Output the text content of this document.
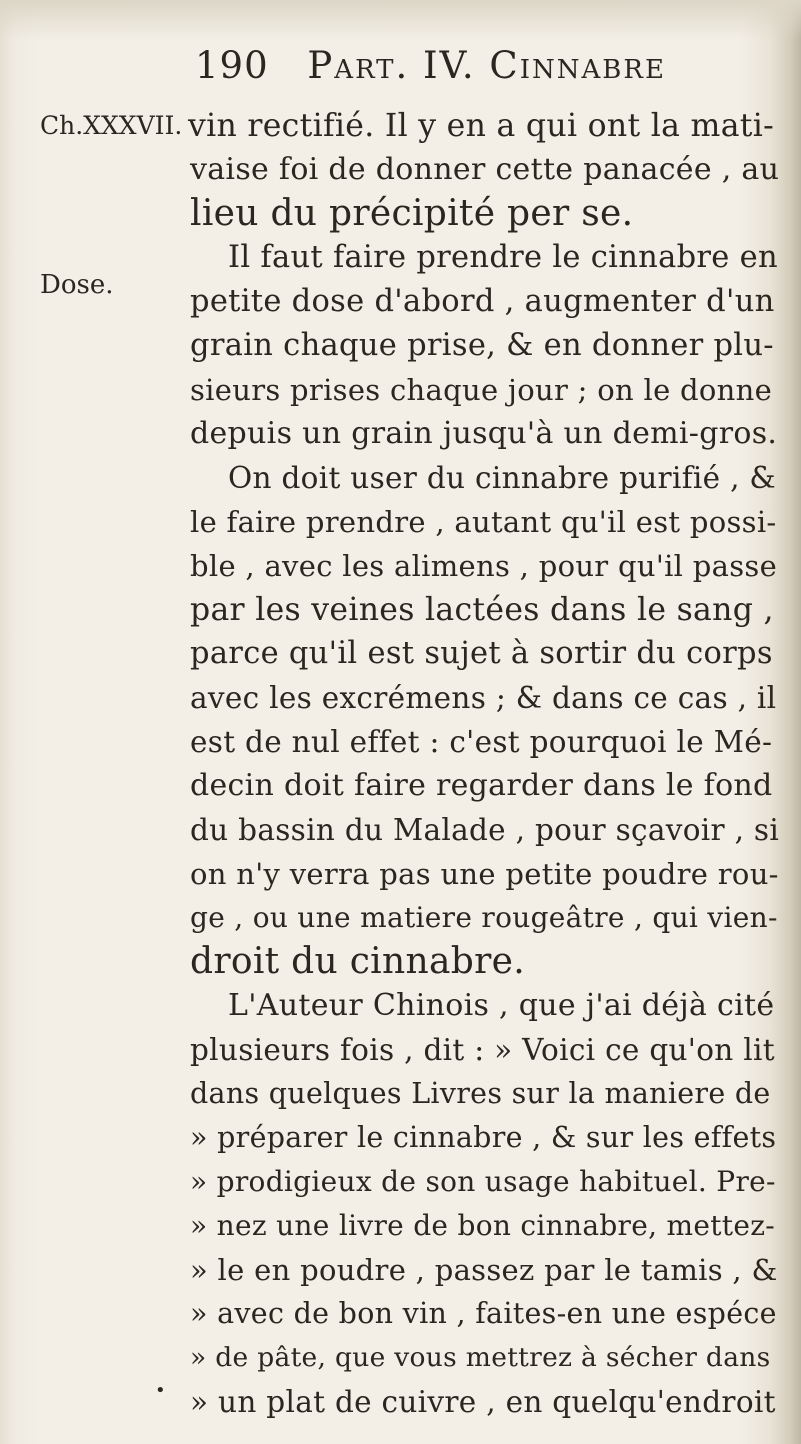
190 Part. IV. Cinnabre
Ch.XXXVII.
Dose.
vin rectifié. Il y en a qui ont la mati-
vaise foi de donner cette panacée , au
lieu du précipité per se.
Il faut faire prendre le cinnabre en
petite dose d'abord , augmenter d'un
grain chaque prise, & en donner plu-
sieurs prises chaque jour ; on le donne
depuis un grain jusqu'à un demi-gros.
On doit user du cinnabre purifié , &
le faire prendre , autant qu'il est possi-
ble , avec les alimens , pour qu'il passe
par les veines lactées dans le sang ,
parce qu'il est sujet à sortir du corps
avec les excrémens ; & dans ce cas , il
est de nul effet : c'est pourquoi le Mé-
decin doit faire regarder dans le fond
du bassin du Malade , pour sçavoir , si
on n'y verra pas une petite poudre rou-
ge , ou une matiere rougeâtre , qui vien-
droit du cinnabre.
L'Auteur Chinois , que j'ai déjà cité
plusieurs fois , dit : » Voici ce qu'on lit
dans quelques Livres sur la maniere de
» préparer le cinnabre , & sur les effets
» prodigieux de son usage habituel. Pre-
» nez une livre de bon cinnabre, mettez-
» le en poudre , passez par le tamis , &
» avec de bon vin , faites-en une espéce
» de pâte, que vous mettrez à sécher dans
» un plat de cuivre , en quelqu'endroit
•
